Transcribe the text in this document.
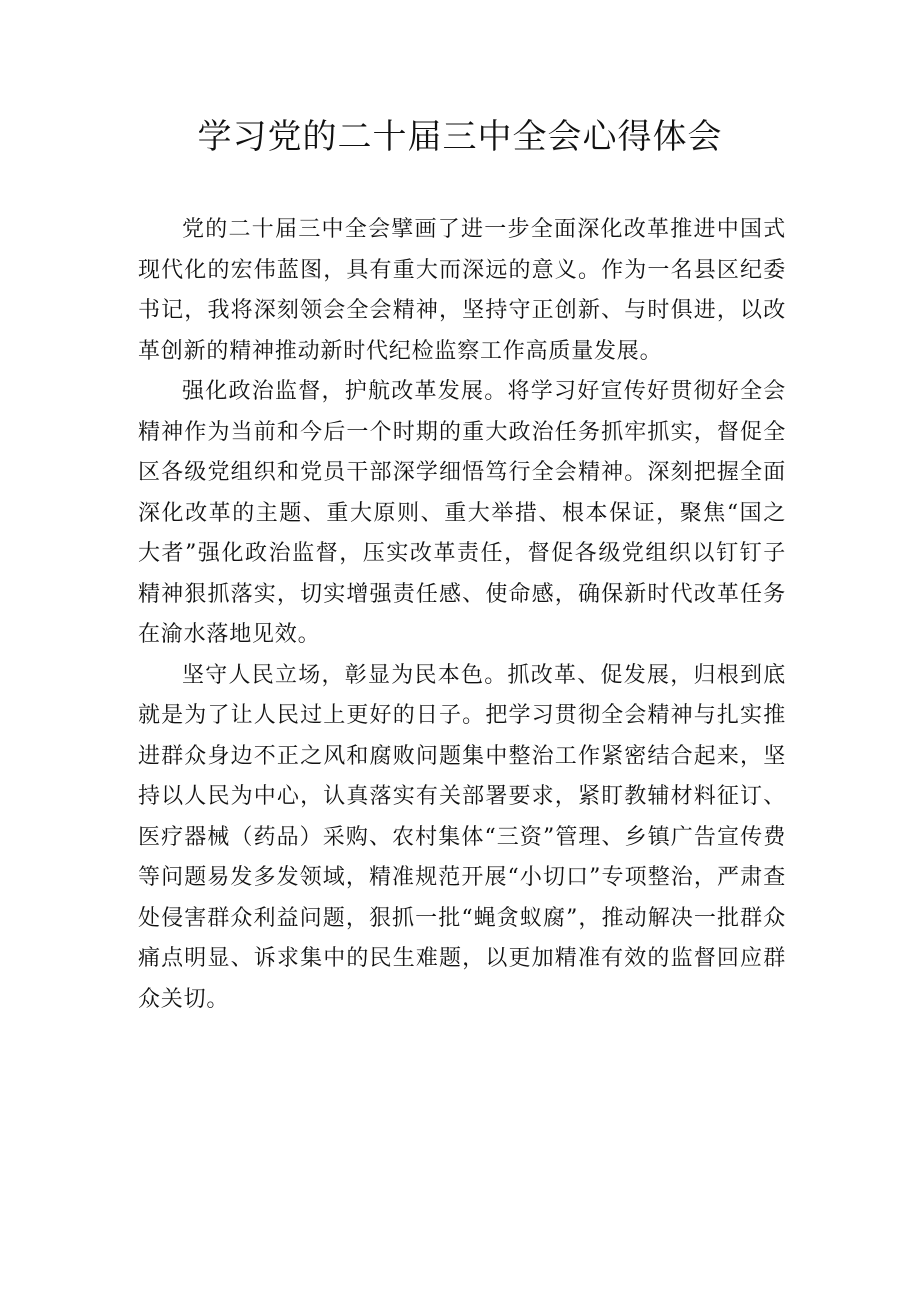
学习党的二十届三中全会心得体会

党的二十届三中全会擘画了进一步全面深化改革推进中国式现代化的宏伟蓝图，具有重大而深远的意义。作为一名县区纪委书记，我将深刻领会全会精神，坚持守正创新、与时俱进，以改革创新的精神推动新时代纪检监察工作高质量发展。

强化政治监督，护航改革发展。将学习好宣传好贯彻好全会精神作为当前和今后一个时期的重大政治任务抓牢抓实，督促全区各级党组织和党员干部深学细悟笃行全会精神。深刻把握全面深化改革的主题、重大原则、重大举措、根本保证，聚焦“国之大者”强化政治监督，压实改革责任，督促各级党组织以钉钉子精神狠抓落实，切实增强责任感、使命感，确保新时代改革任务在渝水落地见效。

坚守人民立场，彰显为民本色。抓改革、促发展，归根到底就是为了让人民过上更好的日子。把学习贯彻全会精神与扎实推进群众身边不正之风和腐败问题集中整治工作紧密结合起来，坚持以人民为中心，认真落实有关部署要求，紧盯教辅材料征订、医疗器械（药品）采购、农村集体“三资”管理、乡镇广告宣传费等问题易发多发领域，精准规范开展“小切口”专项整治，严肃查处侵害群众利益问题，狠抓一批“蝇贪蚁腐”，推动解决一批群众痛点明显、诉求集中的民生难题，以更加精准有效的监督回应群众关切。
